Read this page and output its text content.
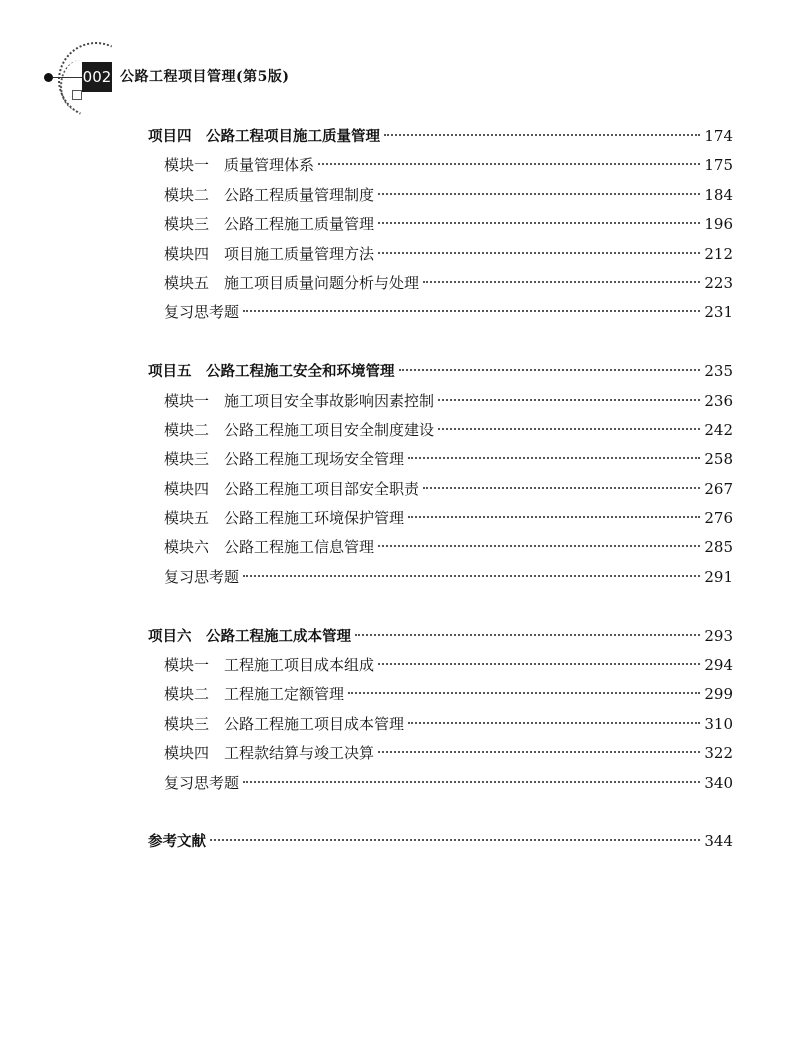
002 公路工程项目管理(第5版)
项目四　公路工程项目施工质量管理	174
模块一　质量管理体系	175
模块二　公路工程质量管理制度	184
模块三　公路工程施工质量管理	196
模块四　项目施工质量管理方法	212
模块五　施工项目质量问题分析与处理	223
复习思考题	231
项目五　公路工程施工安全和环境管理	235
模块一　施工项目安全事故影响因素控制	236
模块二　公路工程施工项目安全制度建设	242
模块三　公路工程施工现场安全管理	258
模块四　公路工程施工项目部安全职责	267
模块五　公路工程施工环境保护管理	276
模块六　公路工程施工信息管理	285
复习思考题	291
项目六　公路工程施工成本管理	293
模块一　工程施工项目成本组成	294
模块二　工程施工定额管理	299
模块三　公路工程施工项目成本管理	310
模块四　工程款结算与竣工决算	322
复习思考题	340
参考文献	344
